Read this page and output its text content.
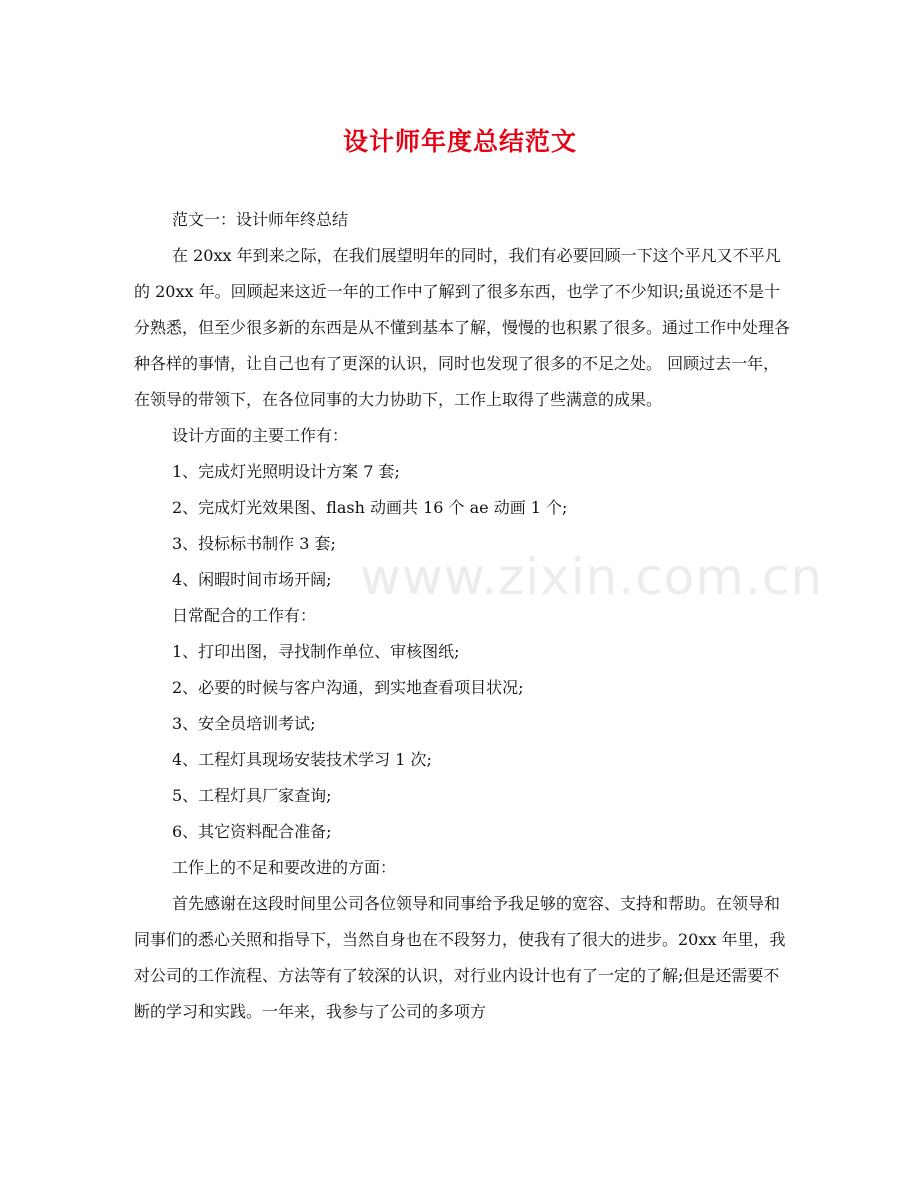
设计师年度总结范文

范文一：设计师年终总结

在 20xx 年到来之际，在我们展望明年的同时，我们有必要回顾一下这个平凡又不平凡的 20xx 年。回顾起来这近一年的工作中了解到了很多东西，也学了不少知识;虽说还不是十分熟悉，但至少很多新的东西是从不懂到基本了解，慢慢的也积累了很多。通过工作中处理各种各样的事情，让自己也有了更深的认识，同时也发现了很多的不足之处。 回顾过去一年，在领导的带领下，在各位同事的大力协助下，工作上取得了些满意的成果。

设计方面的主要工作有：

1、完成灯光照明设计方案 7 套;

2、完成灯光效果图、flash 动画共 16 个 ae 动画 1 个;

3、投标标书制作 3 套;

4、闲暇时间市场开阔;

日常配合的工作有：

1、打印出图，寻找制作单位、审核图纸;

2、必要的时候与客户沟通，到实地查看项目状况;

3、安全员培训考试;

4、工程灯具现场安装技术学习 1 次;

5、工程灯具厂家查询;

6、其它资料配合准备;

工作上的不足和要改进的方面：

首先感谢在这段时间里公司各位领导和同事给予我足够的宽容、支持和帮助。在领导和同事们的悉心关照和指导下，当然自身也在不段努力，使我有了很大的进步。20xx 年里，我对公司的工作流程、方法等有了较深的认识，对行业内设计也有了一定的了解;但是还需要不断的学习和实践。一年来，我参与了公司的多项方

www.zixin.com.cn
